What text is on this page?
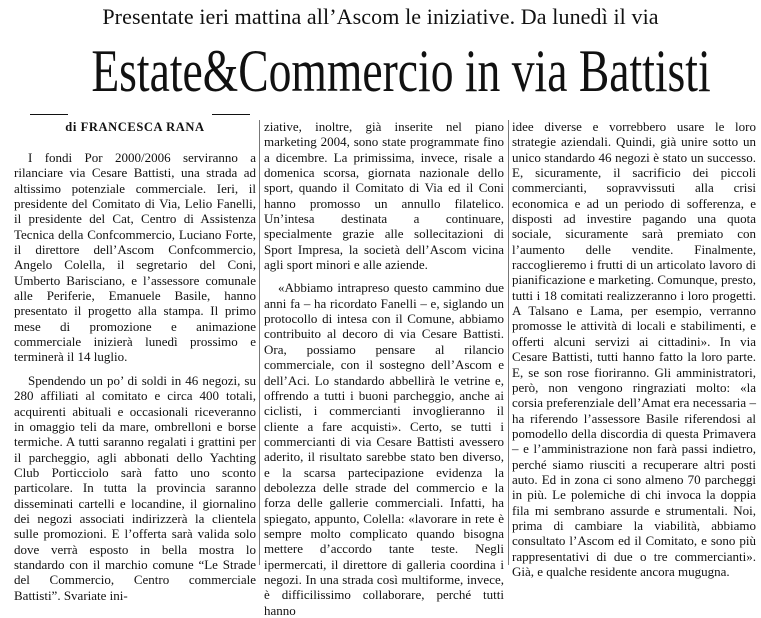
Presentate ieri mattina all’Ascom le iniziative. Da lunedì il via
Estate&Commercio in via Battisti
di FRANCESCA RANA

I fondi Por 2000/2006 serviranno a rilanciare via Cesare Battisti, una strada ad altissimo potenziale commerciale. Ieri, il presidente del Comitato di Via, Lelio Fanelli, il presidente del Cat, Centro di Assistenza Tecnica della Confcommercio, Luciano Forte, il direttore dell’Ascom Confcommercio, Angelo Colella, il segretario del Coni, Umberto Barisciano, e l’assessore comunale alle Periferie, Emanuele Basile, hanno presentato il progetto alla stampa. Il primo mese di promozione e animazione commerciale inizierà lunedì prossimo e terminerà il 14 luglio.

Spendendo un po’ di soldi in 46 negozi, su 280 affiliati al comitato e circa 400 totali, acquirenti abituali e occasionali riceveranno in omaggio teli da mare, ombrelloni e borse termiche. A tutti saranno regalati i grattini per il parcheggio, agli abbonati dello Yachting Club Porticciolo sarà fatto uno sconto particolare. In tutta la provincia saranno disseminati cartelli e locandine, il giornalino dei negozi associati indirizzerà la clientela sulle promozioni. E l’offerta sarà valida solo dove verrà esposto in bella mostra lo standardo con il marchio comune “Le Strade del Commercio, Centro commerciale Battisti”. Svariate ini-

ziative, inoltre, già inserite nel piano marketing 2004, sono state programmate fino a dicembre. La primissima, invece, risale a domenica scorsa, giornata nazionale dello sport, quando il Comitato di Via ed il Coni hanno promosso un annullo filatelico. Un’intesa destinata a continuare, specialmente grazie alle sollecitazioni di Sport Impresa, la società dell’Ascom vicina agli sport minori e alle aziende.

«Abbiamo intrapreso questo cammino due anni fa – ha ricordato Fanelli – e, siglando un protocollo di intesa con il Comune, abbiamo contribuito al decoro di via Cesare Battisti. Ora, possiamo pensare al rilancio commerciale, con il sostegno dell’Ascom e dell’Aci. Lo standardo abbellirà le vetrine e, offrendo a tutti i buoni parcheggio, anche ai ciclisti, i commercianti invoglieranno il cliente a fare acquisti». Certo, se tutti i commercianti di via Cesare Battisti avessero aderito, il risultato sarebbe stato ben diverso, e la scarsa partecipazione evidenza la debolezza delle strade del commercio e la forza delle gallerie commerciali. Infatti, ha spiegato, appunto, Colella: «lavorare in rete è sempre molto complicato quando bisogna mettere d’accordo tante teste. Negli ipermercati, il direttore di galleria coordina i negozi. In una strada così multiforme, invece, è difficilissimo collaborare, perché tutti hanno

idee diverse e vorrebbero usare le loro strategie aziendali. Quindi, già unire sotto un unico standardo 46 negozi è stato un successo. E, sicuramente, il sacrificio dei piccoli commercianti, sopravvissuti alla crisi economica e ad un periodo di sofferenza, e disposti ad investire pagando una quota sociale, sicuramente sarà premiato con l’aumento delle vendite. Finalmente, raccoglieremo i frutti di un articolato lavoro di pianificazione e marketing. Comunque, presto, tutti i 18 comitati realizzeranno i loro progetti. A Talsano e Lama, per esempio, verranno promosse le attività di locali e stabilimenti, e offerti alcuni servizi ai cittadini». In via Cesare Battisti, tutti hanno fatto la loro parte. E, se son rose fioriranno. Gli amministratori, però, non vengono ringraziati molto: «la corsia preferenziale dell’Amat era necessaria – ha riferendo l’assessore Basile riferendosi al pomodello della discordia di questa Primavera – e l’amministrazione non farà passi indietro, perché siamo riusciti a recuperare altri posti auto. Ed in zona ci sono almeno 70 parcheggi in più. Le polemiche di chi invoca la doppia fila mi sembrano assurde e strumentali. Noi, prima di cambiare la viabilità, abbiamo consultato l’Ascom ed il Comitato, e sono più rappresentativi di due o tre commercianti». Già, e qualche residente ancora mugugna.
